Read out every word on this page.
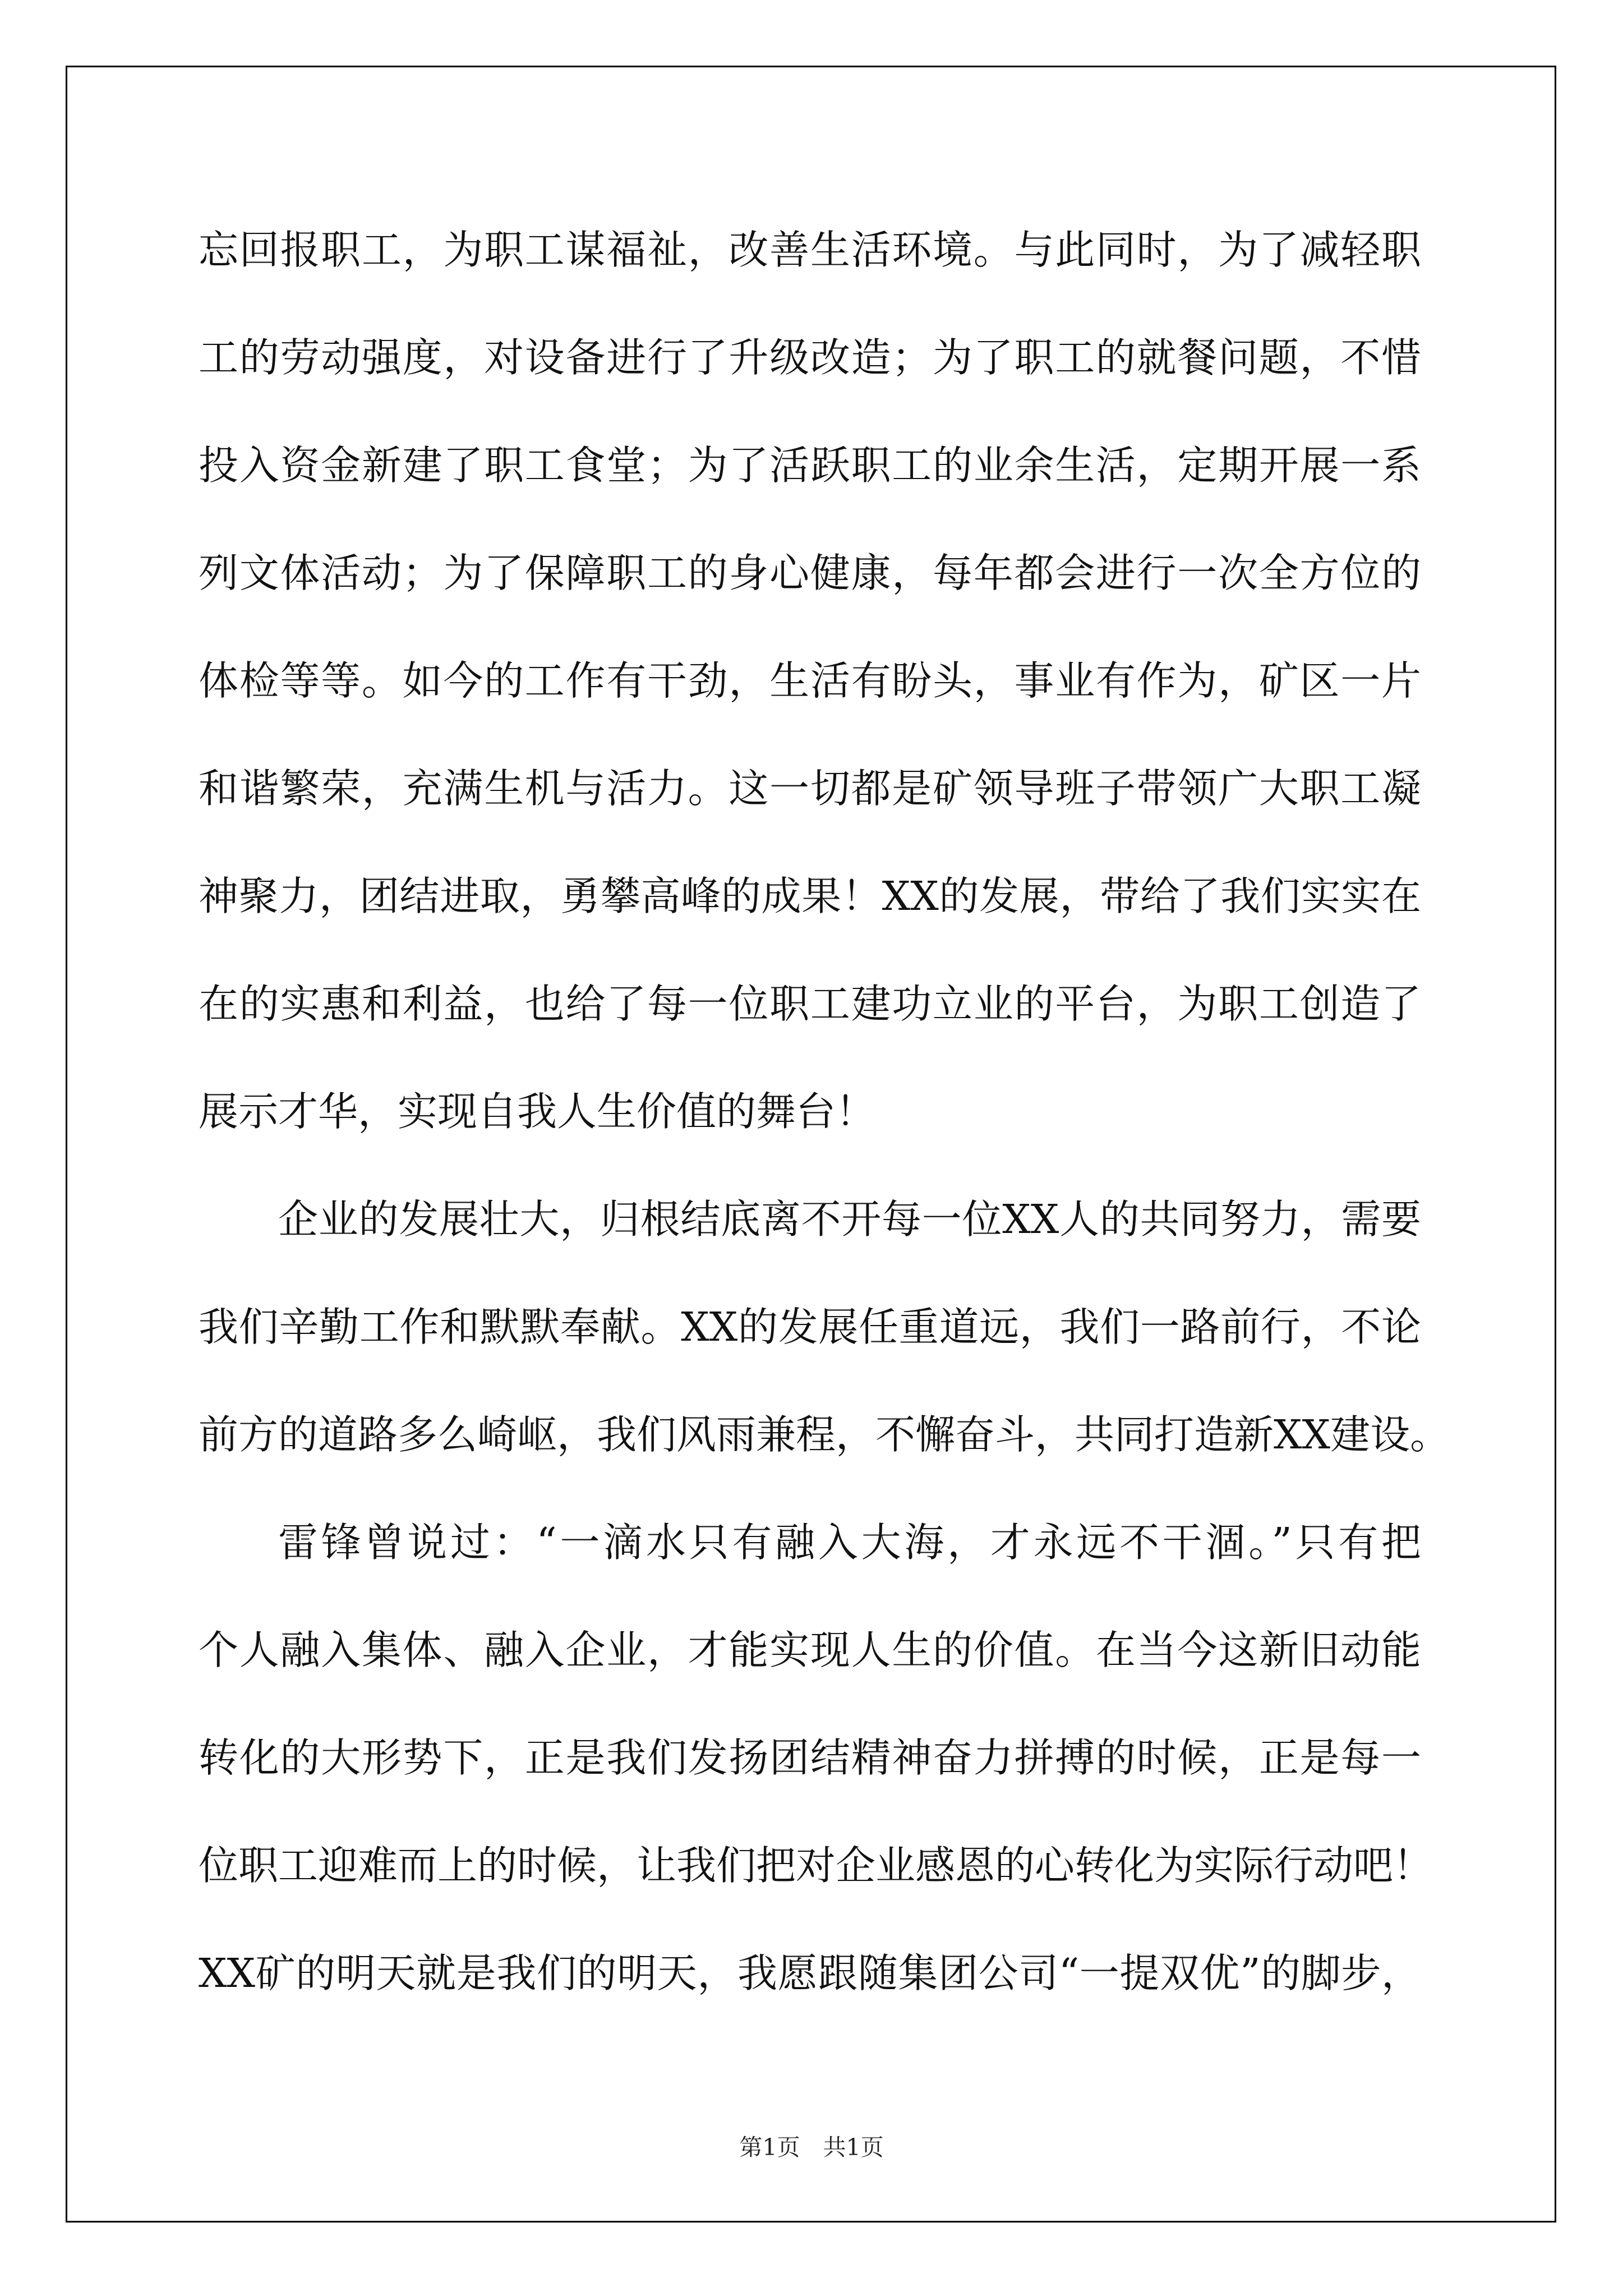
忘回报职工，为职工谋福祉，改善生活环境。与此同时，为了减轻职
工的劳动强度，对设备进行了升级改造；为了职工的就餐问题，不惜
投入资金新建了职工食堂；为了活跃职工的业余生活，定期开展一系
列文体活动；为了保障职工的身心健康，每年都会进行一次全方位的
体检等等。如今的工作有干劲，生活有盼头，事业有作为，矿区一片
和谐繁荣，充满生机与活力。这一切都是矿领导班子带领广大职工凝
神聚力，团结进取，勇攀高峰的成果！XX的发展，带给了我们实实在
在的实惠和利益，也给了每一位职工建功立业的平台，为职工创造了
展示才华，实现自我人生价值的舞台！
企业的发展壮大，归根结底离不开每一位XX人的共同努力，需要
我们辛勤工作和默默奉献。XX的发展任重道远，我们一路前行，不论
前方的道路多么崎岖，我们风雨兼程，不懈奋斗，共同打造新XX建设。
雷锋曾说过：“一滴水只有融入大海，才永远不干涸。”只有把
个人融入集体、融入企业，才能实现人生的价值。在当今这新旧动能
转化的大形势下，正是我们发扬团结精神奋力拼搏的时候，正是每一
位职工迎难而上的时候，让我们把对企业感恩的心转化为实际行动吧！
XX矿的明天就是我们的明天，我愿跟随集团公司“一提双优”的脚步，
第1页　共1页
